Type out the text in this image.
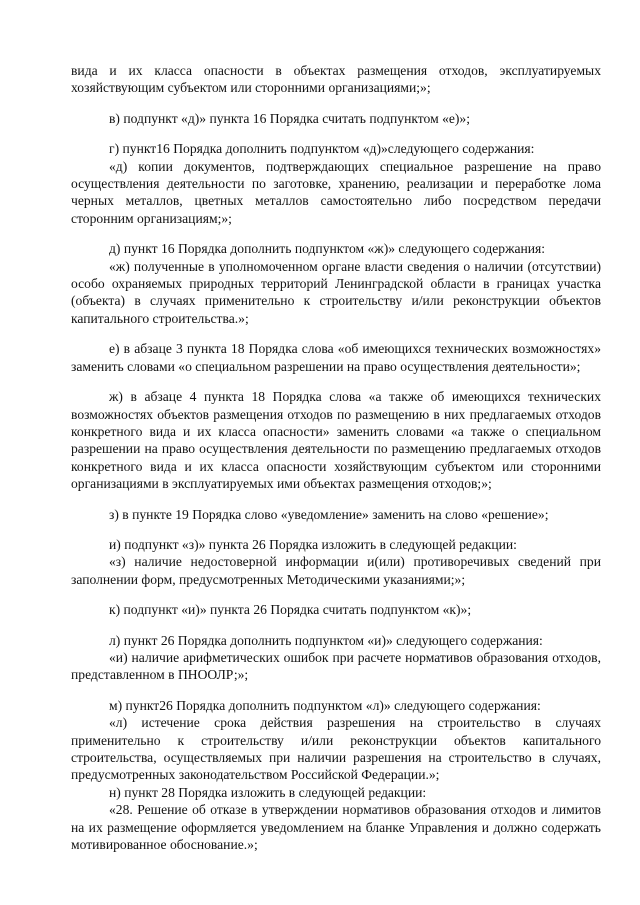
вида и их класса опасности в объектах размещения отходов, эксплуатируемых хозяйствующим субъектом или сторонними организациями;»;

в) подпункт «д)» пункта 16 Порядка считать подпунктом «е)»;

г) пункт16 Порядка дополнить подпунктом «д)»следующего содержания:

«д) копии документов, подтверждающих специальное разрешение на право осуществления деятельности по заготовке, хранению, реализации и переработке лома черных металлов, цветных металлов самостоятельно либо посредством передачи сторонним организациям;»;

д) пункт 16 Порядка дополнить подпунктом «ж)» следующего содержания:

«ж) полученные в уполномоченном органе власти сведения о наличии (отсутствии) особо охраняемых природных территорий Ленинградской области в границах участка (объекта) в случаях применительно к строительству и/или реконструкции объектов капитального строительства.»;

е) в абзаце 3 пункта 18 Порядка слова «об имеющихся технических возможностях» заменить словами «о специальном разрешении на право осуществления деятельности»;

ж) в абзаце 4 пункта 18 Порядка слова «а также об имеющихся технических возможностях объектов размещения отходов по размещению в них предлагаемых отходов конкретного вида и их класса опасности» заменить словами «а также о специальном разрешении на право осуществления деятельности по размещению предлагаемых отходов конкретного вида и их класса опасности хозяйствующим субъектом или сторонними организациями в эксплуатируемых ими объектах размещения отходов;»;

з) в пункте 19 Порядка слово «уведомление» заменить на слово «решение»;

и) подпункт «з)» пункта 26 Порядка изложить в следующей редакции:

«з) наличие недостоверной информации и(или) противоречивых сведений при заполнении форм, предусмотренных Методическими указаниями;»;

к) подпункт «и)» пункта 26 Порядка считать подпунктом «к)»;

л) пункт 26 Порядка дополнить подпунктом «и)» следующего содержания:

«и) наличие арифметических ошибок при расчете нормативов образования отходов, представленном в ПНООЛР;»;

м) пункт26 Порядка дополнить подпунктом «л)» следующего содержания:

«л) истечение срока действия разрешения на строительство в случаях применительно к строительству и/или реконструкции объектов капитального строительства, осуществляемых при наличии разрешения на строительство в случаях, предусмотренных законодательством Российской Федерации.»;

н) пункт 28 Порядка изложить в следующей редакции:

«28. Решение об отказе в утверждении нормативов образования отходов и лимитов на их размещение оформляется уведомлением на бланке Управления и должно содержать мотивированное обоснование.»;
